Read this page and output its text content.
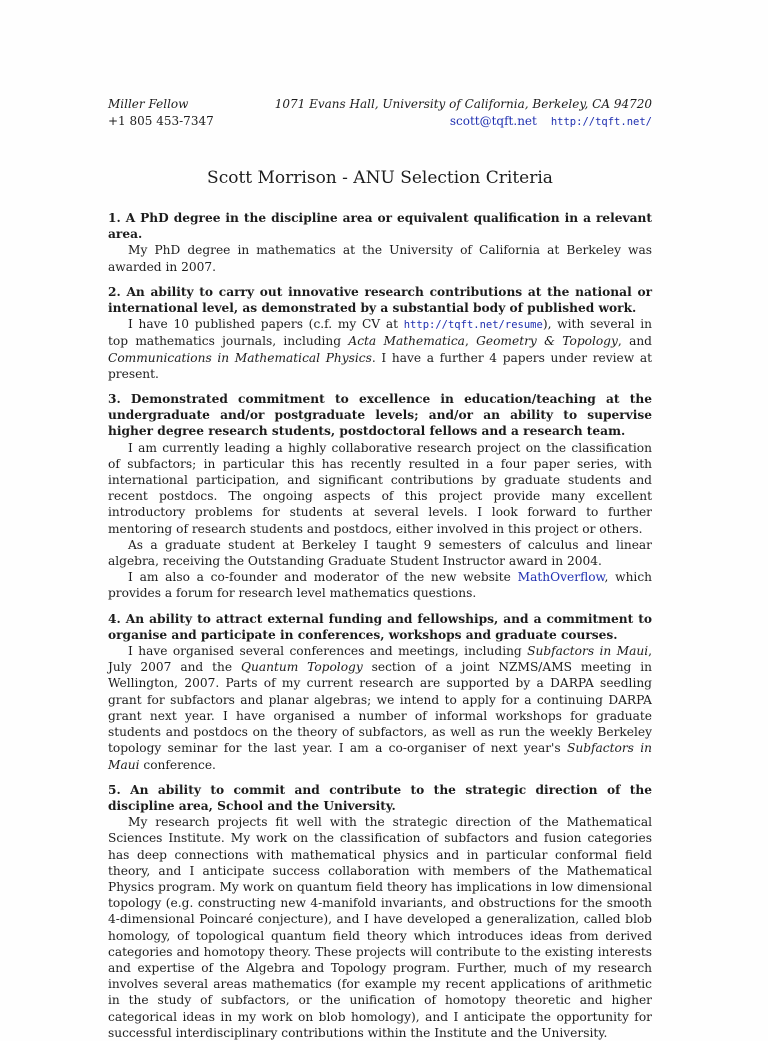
Miller Fellow
+1 805 453-7347
1071 Evans Hall, University of California, Berkeley, CA 94720
scott@tqft.net http://tqft.net/
Scott Morrison - ANU Selection Criteria
1. A PhD degree in the discipline area or equivalent qualification in a relevant area.

My PhD degree in mathematics at the University of California at Berkeley was awarded in 2007.

2. An ability to carry out innovative research contributions at the national or international level, as demonstrated by a substantial body of published work.

I have 10 published papers (c.f. my CV at http://tqft.net/resume), with several in top mathematics journals, including Acta Mathematica, Geometry & Topology, and Communications in Mathematical Physics. I have a further 4 papers under review at present.

3. Demonstrated commitment to excellence in education/teaching at the undergraduate and/or postgraduate levels; and/or an ability to supervise higher degree research students, postdoctoral fellows and a research team.

I am currently leading a highly collaborative research project on the classification of subfactors; in particular this has recently resulted in a four paper series, with international participation, and significant contributions by graduate students and recent postdocs. The ongoing aspects of this project provide many excellent introductory problems for students at several levels. I look forward to further mentoring of research students and postdocs, either involved in this project or others.

As a graduate student at Berkeley I taught 9 semesters of calculus and linear algebra, receiving the Outstanding Graduate Student Instructor award in 2004.

I am also a co-founder and moderator of the new website MathOverflow, which provides a forum for research level mathematics questions.

4. An ability to attract external funding and fellowships, and a commitment to organise and participate in conferences, workshops and graduate courses.

I have organised several conferences and meetings, including Subfactors in Maui, July 2007 and the Quantum Topology section of a joint NZMS/AMS meeting in Wellington, 2007. Parts of my current research are supported by a DARPA seedling grant for subfactors and planar algebras; we intend to apply for a continuing DARPA grant next year. I have organised a number of informal workshops for graduate students and postdocs on the theory of subfactors, as well as run the weekly Berkeley topology seminar for the last year. I am a co-organiser of next year's Subfactors in Maui conference.

5. An ability to commit and contribute to the strategic direction of the discipline area, School and the University.

My research projects fit well with the strategic direction of the Mathematical Sciences Institute. My work on the classification of subfactors and fusion categories has deep connections with mathematical physics and in particular conformal field theory, and I anticipate success collaboration with members of the Mathematical Physics program. My work on quantum field theory has implications in low dimensional topology (e.g. constructing new 4-manifold invariants, and obstructions for the smooth 4-dimensional Poincaré conjecture), and I have developed a generalization, called blob homology, of topological quantum field theory which introduces ideas from derived categories and homotopy theory. These projects will contribute to the existing interests and expertise of the Algebra and Topology program. Further, much of my research involves several areas mathematics (for example my recent applications of arithmetic in the study of subfactors, or the unification of homotopy theoretic and higher categorical ideas in my work on blob homology), and I anticipate the opportunity for successful interdisciplinary contributions within the Institute and the University.
